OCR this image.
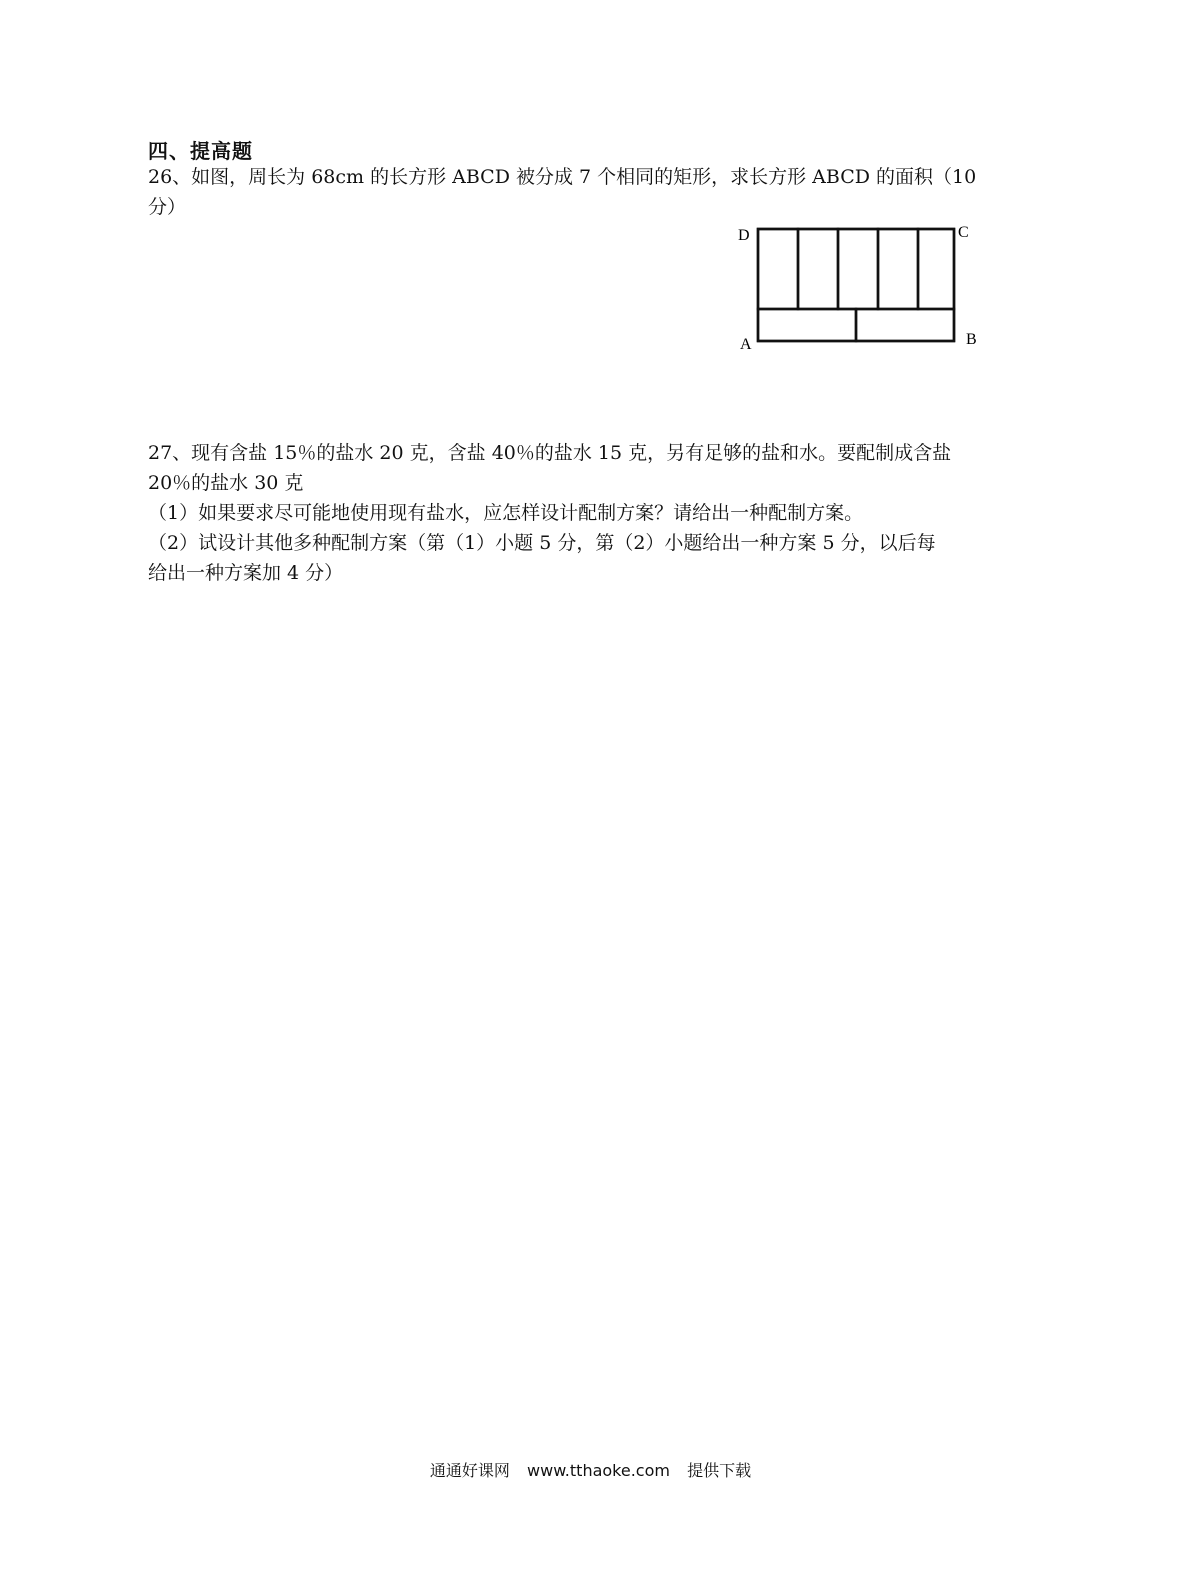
四、提高题

26、如图，周长为 68cm 的长方形 ABCD 被分成 7 个相同的矩形，求长方形 ABCD 的面积（10
分）

D	C
A	B

27、现有含盐 15％的盐水 20 克，含盐 40％的盐水 15 克，另有足够的盐和水。要配制成含盐
20％的盐水 30 克
（1）如果要求尽可能地使用现有盐水，应怎样设计配制方案？请给出一种配制方案。
（2）试设计其他多种配制方案（第（1）小题 5 分，第（2）小题给出一种方案 5 分，以后每
给出一种方案加 4 分）

通通好课网 www.tthaoke.com 提供下载
